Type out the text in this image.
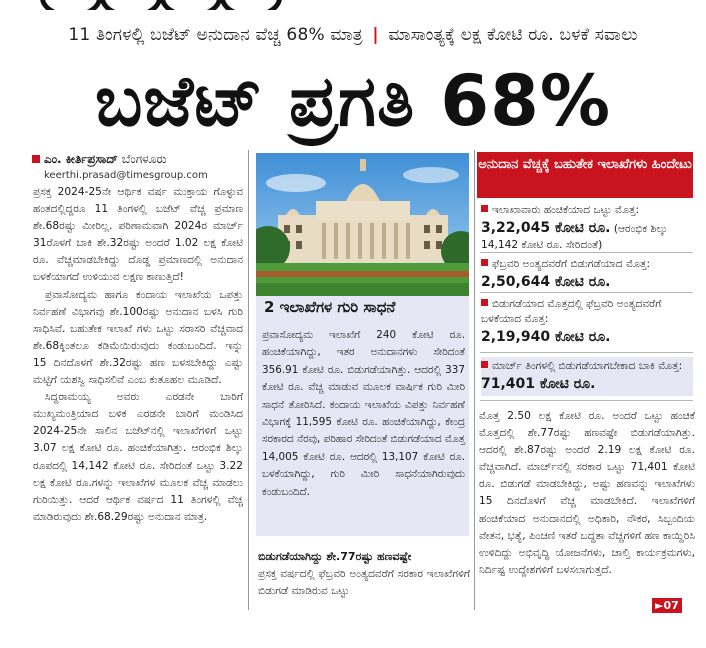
11 ತಿಂಗಳಲ್ಲಿ ಬಜೆಟ್ ಅನುದಾನ ವೆಚ್ಚ 68% ಮಾತ್ರ | ಮಾಸಾಂತ್ಯಕ್ಕೆ ಲಕ್ಷ ಕೋಟಿ ರೂ. ಬಳಕೆ ಸವಾಲು
ಬಜೆಟ್ ಪ್ರಗತಿ 68%
ಎಂ. ಕೀರ್ತಿಪ್ರಸಾದ್ ಬೆಂಗಳೂರು
keerthi.prasad@timesgroup.com

ಪ್ರಸಕ್ತ 2024-25ನೇ ಆರ್ಥಿಕ ವರ್ಷ ಮುಕ್ತಾಯ ಗೊಳ್ಳುವ ಹಂತದಲ್ಲಿದ್ದರೂ 11 ತಿಂಗಳಲ್ಲಿ ಬಜೆಟ್ ವೆಚ್ಚ ಪ್ರಮಾಣ ಶೇ.68ರಷ್ಟು ಮೀರಿಲ್ಲ. ಪರಿಣಾಮವಾಗಿ 2024ರ ಮಾರ್ಚ್ 31ರೊಳಗೆ ಬಾಕಿ ಶೇ.32ರಷ್ಟು ಅಂದರೆ 1.02 ಲಕ್ಷ ಕೋಟಿ ರೂ. ವೆಚ್ಚಮಾಡಬೇಕಿದ್ದು ದೊಡ್ಡ ಪ್ರಮಾಣದಲ್ಲಿ ಅನುದಾನ ಬಳಕೆಯಾಗದೆ ಉಳಿಯುವ ಲಕ್ಷಣ ಕಾಣುತ್ತಿದೆ!

ಪ್ರವಾಸೋದ್ಯಮ ಹಾಗೂ ಕಂದಾಯ ಇಲಾಖೆಯ ಒಪತ್ತು ನಿರ್ವಹಣೆ ವಿಭಾಗವು ಶೇ.100ರಷ್ಟು ಅನುದಾನ ಬಳಸಿ ಗುರಿ ಸಾಧಿಸಿವೆ. ಬಹುತೇಕ ಇಲಾಖೆ ಗಳು ಒಟ್ಟು ಸರಾಸರಿ ವೆಚ್ಚವಾದ ಶೇ.68ಕ್ಕಿಂತಲೂ ಕಡಿಮೆಯಿರುವುದು ಕಂಡುಬಂದಿದೆ. ಇನ್ನು 15 ದಿನದೊಳಗೆ ಶೇ.32ರಷ್ಟು ಹಣ ಬಳಸಬೇಕಿದ್ದು ಎಷ್ಟು ಮಟ್ಟಿಗೆ ಯಶಸ್ವಿ ಸಾಧಿಸಲಿವೆ ಎಂಬ ಕುತೂಹಲ ಮೂಡಿದೆ.

ಸಿದ್ದರಾಮಯ್ಯ ಅವರು ಎರಡನೇ ಬಾರಿಗೆ ಮುಖ್ಯಮಂತ್ರಿಯಾದ ಬಳಿಕ ಎರಡನೇ ಬಾರಿಗೆ ಮಂಡಿಸಿದ 2024-25ನೇ ಸಾಲಿನ ಬಜೆಟ್‌ನಲ್ಲಿ ಇಲಾಖೆಗಳಿಗೆ ಒಟ್ಟು 3.07 ಲಕ್ಷ ಕೋಟಿ ರೂ. ಹಂಚಿಕೆಯಾಗಿತ್ತು. ಆರಂಭಿಕ ಶಿಲ್ಕು ರೂಪದಲ್ಲಿ 14,142 ಕೋಟಿ ರೂ. ಸೇರಿದಂತೆ ಒಟ್ಟು 3.22 ಲಕ್ಷ ಕೋಟಿ ರೂ.ಗಳನ್ನು ಇಲಾಖೆಗಳ ಮೂಲಕ ವೆಚ್ಚ ಮಾಡಲು ಗುರಿಯಿತ್ತು. ಆದರೆ ಆರ್ಥಿಕ ವರ್ಷದ 11 ತಿಂಗಳಲ್ಲಿ ವೆಚ್ಚ ಮಾಡಿರುವುದು ಶೇ.68.29ರಷ್ಟು ಅನುದಾನ ಮಾತ್ರ.

2 ಇಲಾಖೆಗಳ ಗುರಿ ಸಾಧನೆ
ಪ್ರವಾಸೋದ್ಯಮ ಇಲಾಖೆಗೆ 240 ಕೋಟಿ ರೂ. ಹಂಚಿಕೆಯಾಗಿದ್ದು, ಇತರ ಅನುದಾನಗಳು ಸೇರಿದಂತೆ 356.91 ಕೋಟಿ ರೂ. ಬಿಡುಗಡೆಯಾಗಿತ್ತು. ಆದರಲ್ಲಿ 337 ಕೋಟಿ ರೂ. ವೆಚ್ಚ ಮಾಡುವ ಮೂಲಕ ವಾರ್ಷಿಕ ಗುರಿ ಮೀರಿ ಸಾಧನೆ ತೋರಿಸಿದೆ. ಕಂದಾಯ ಇಲಾಖೆಯ ವಿಪತ್ತು ನಿರ್ವಹಣೆ ವಿಭಾಗಕ್ಕೆ 11,595 ಕೋಟಿ ರೂ. ಹಂಚಿಕೆಯಾಗಿದ್ದು, ಕೇಂದ್ರ ಸರಕಾರದ ನೆರವು, ಪರಿಹಾರ ಸೇರಿದಂತೆ ಬಿಡುಗಡೆಯಾದ ಮೊತ್ತ 14,005 ಕೋಟಿ ರೂ. ಆದರಲ್ಲಿ 13,107 ಕೋಟಿ ರೂ. ಬಳಕೆಯಾಗಿದ್ದು, ಗುರಿ ಮೀರಿ ಸಾಧನೆಯಾಗಿರುವುದು ಕಂಡುಬಂದಿದೆ.
ಬಿಡುಗಡೆಯಾಗಿದ್ದು ಶೇ.77ರಷ್ಟು ಹಣವಷ್ಟೇ

ಪ್ರಸಕ್ತ ವರ್ಷದಲ್ಲಿ ಫೆಬ್ರವರಿ ಅಂತ್ಯದವರೆಗೆ ಸರಕಾರ ಇಲಾಖೆಗಳಿಗೆ ಬಿಡುಗಡೆ ಮಾಡಿರುವ ಒಟ್ಟು

ಅನುದಾನ ವೆಚ್ಚಕ್ಕೆ ಬಹುತೇಕ ಇಲಾಖೆಗಳು ಹಿಂದೇಟು
ಇಲಾಖಾವಾರು ಹಂಚಿಕೆಯಾದ ಒಟ್ಟು ಮೊತ್ತ:
3,22,045 ಕೋಟಿ ರೂ. (ಆರಂಭಿಕ ಶಿಲ್ಕು 14,142 ಕೋಟಿ ರೂ. ಸೇರಿದಂತೆ)
ಫೆಬ್ರವರಿ ಅಂತ್ಯದವರೆಗೆ ಬಿಡುಗಡೆಯಾದ ಮೊತ್ತ:
2,50,644 ಕೋಟಿ ರೂ.
ಬಿಡುಗಡೆಯಾದ ಮೊತ್ತದಲ್ಲಿ ಫೆಬ್ರವರಿ ಅಂತ್ಯದವರೆಗೆ ಬಳಕೆಯಾದ ಮೊತ್ತ:
2,19,940 ಕೋಟಿ ರೂ.
ಮಾರ್ಚ್ ತಿಂಗಳಲ್ಲಿ ಬಿಡುಗಡೆಯಾಗಬೇಕಾದ ಬಾಕಿ ಮೊತ್ತ: 71,401 ಕೋಟಿ ರೂ.

ಮೊತ್ತ 2.50 ಲಕ್ಷ ಕೋಟಿ ರೂ. ಅಂದರೆ ಒಟ್ಟು ಹಂಚಿಕೆ ಮೊತ್ತದಲ್ಲಿ ಶೇ.77ರಷ್ಟು ಹಣವಷ್ಟೇ ಬಿಡುಗಡೆಯಾಗಿತ್ತು. ಆದರಲ್ಲಿ ಶೇ.87ರಷ್ಟು ಅಂದರೆ 2.19 ಲಕ್ಷ ಕೋಟಿ ರೂ. ವೆಚ್ಚವಾಗಿದೆ. ಮಾರ್ಚ್‌ನಲ್ಲಿ ಸರಕಾರ ಒಟ್ಟು 71,401 ಕೋಟಿ ರೂ. ಬಿಡುಗಡೆ ಮಾಡಬೇಕಿದ್ದು, ಅಷ್ಟು ಹಣವನ್ನು ಇಲಾಖೆಗಳು 15 ದಿನದೊಳಗೆ ವೆಚ್ಚ ಮಾಡಬೇಕಿದೆ. ಇಲಾಖೆಗಳಿಗೆ ಹಂಚಿಕೆಯಾದ ಅನುದಾನದಲ್ಲಿ ಅಧಿಕಾರಿ, ನೌಕರ, ಸಿಬ್ಬಂದಿಯ ವೇತನ, ಭತ್ಯೆ, ಪಿಂಚಣಿ ಇತರೆ ಬದ್ಧತಾ ವೆಚ್ಚಗಳಿಗೆ ಹಣ ಕಾಯ್ದಿರಿಸಿ ಉಳಿದಿದ್ದು ಅಭಿವೃದ್ಧಿ ಯೋಜನೆಗಳು, ಚಾಲ್ತಿ ಕಾರ್ಯಕ್ರಮಗಳು, ನಿರ್ದಿಷ್ಟ ಉದ್ದೇಶಗಳಿಗೆ ಬಳಸಲಾಗುತ್ತದೆ.

►07
